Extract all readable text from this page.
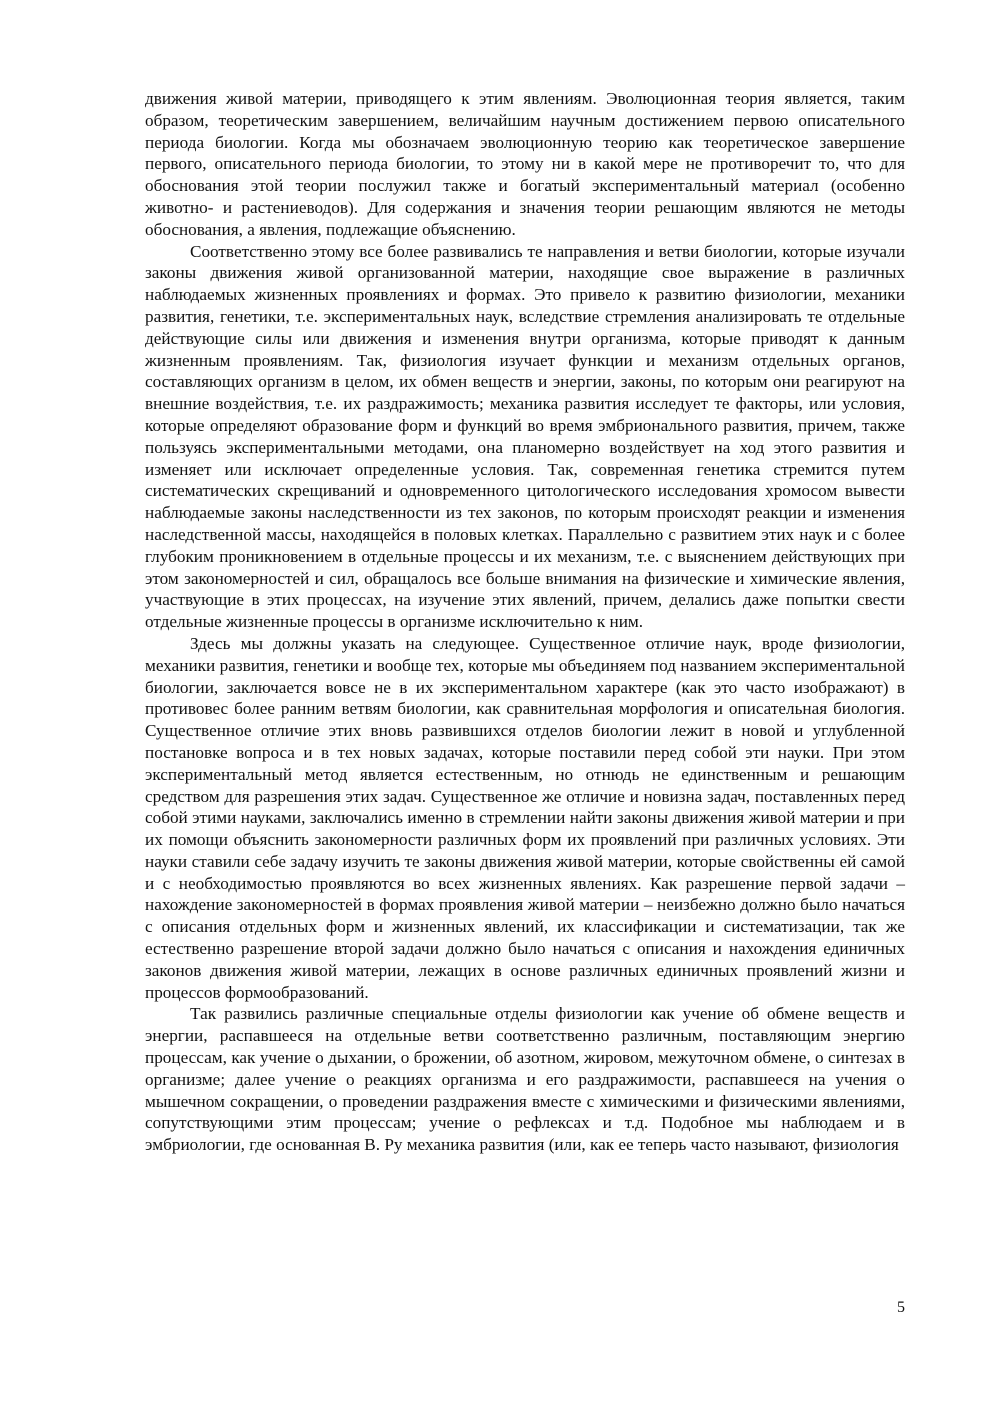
движения живой материи, приводящего к этим явлениям. Эволюционная теория является, таким образом, теоретическим завершением, величайшим научным достижением первою описательного периода биологии. Когда мы обозначаем эволюционную теорию как теоретическое завершение первого, описательного периода биологии, то этому ни в какой мере не противоречит то, что для обоснования этой теории послужил также и богатый экспериментальный материал (особенно животно- и растениеводов). Для содержания и значения теории решающим являются не методы обоснования, а явления, подлежащие объяснению.

Соответственно этому все более развивались те направления и ветви биологии, которые изучали законы движения живой организованной материи, находящие свое выражение в различных наблюдаемых жизненных проявлениях и формах. Это привело к развитию физиологии, механики развития, генетики, т.е. экспериментальных наук, вследствие стремления анализировать те отдельные действующие силы или движения и изменения внутри организма, которые приводят к данным жизненным проявлениям. Так, физиология изучает функции и механизм отдельных органов, составляющих организм в целом, их обмен веществ и энергии, законы, по которым они реагируют на внешние воздействия, т.е. их раздражимость; механика развития исследует те факторы, или условия, которые определяют образование форм и функций во время эмбрионального развития, причем, также пользуясь экспериментальными методами, она планомерно воздействует на ход этого развития и изменяет или исключает определенные условия. Так, современная генетика стремится путем систематических скрещиваний и одновременного цитологического исследования хромосом вывести наблюдаемые законы наследственности из тех законов, по которым происходят реакции и изменения наследственной массы, находящейся в половых клетках. Параллельно с развитием этих наук и с более глубоким проникновением в отдельные процессы и их механизм, т.е. с выяснением действующих при этом закономерностей и сил, обращалось все больше внимания на физические и химические явления, участвующие в этих процессах, на изучение этих явлений, причем, делались даже попытки свести отдельные жизненные процессы в организме исключительно к ним.

Здесь мы должны указать на следующее. Существенное отличие наук, вроде физиологии, механики развития, генетики и вообще тех, которые мы объединяем под названием экспериментальной биологии, заключается вовсе не в их экспериментальном характере (как это часто изображают) в противовес более ранним ветвям биологии, как сравнительная морфология и описательная биология. Существенное отличие этих вновь развившихся отделов биологии лежит в новой и углубленной постановке вопроса и в тех новых задачах, которые поставили перед собой эти науки. При этом экспериментальный метод является естественным, но отнюдь не единственным и решающим средством для разрешения этих задач. Существенное же отличие и новизна задач, поставленных перед собой этими науками, заключались именно в стремлении найти законы движения живой материи и при их помощи объяснить закономерности различных форм их проявлений при различных условиях. Эти науки ставили себе задачу изучить те законы движения живой материи, которые свойственны ей самой и с необходимостью проявляются во всех жизненных явлениях. Как разрешение первой задачи – нахождение закономерностей в формах проявления живой материи – неизбежно должно было начаться с описания отдельных форм и жизненных явлений, их классификации и систематизации, так же естественно разрешение второй задачи должно было начаться с описания и нахождения единичных законов движения живой материи, лежащих в основе различных единичных проявлений жизни и процессов формообразований.

Так развились различные специальные отделы физиологии как учение об обмене веществ и энергии, распавшееся на отдельные ветви соответственно различным, поставляющим энергию процессам, как учение о дыхании, о брожении, об азотном, жировом, межуточном обмене, о синтезах в организме; далее учение о реакциях организма и его раздражимости, распавшееся на учения о мышечном сокращении, о проведении раздражения вместе с химическими и физическими явлениями, сопутствующими этим процессам; учение о рефлексах и т.д. Подобное мы наблюдаем и в эмбриологии, где основанная В. Ру механика развития (или, как ее теперь часто называют, физиология

5
